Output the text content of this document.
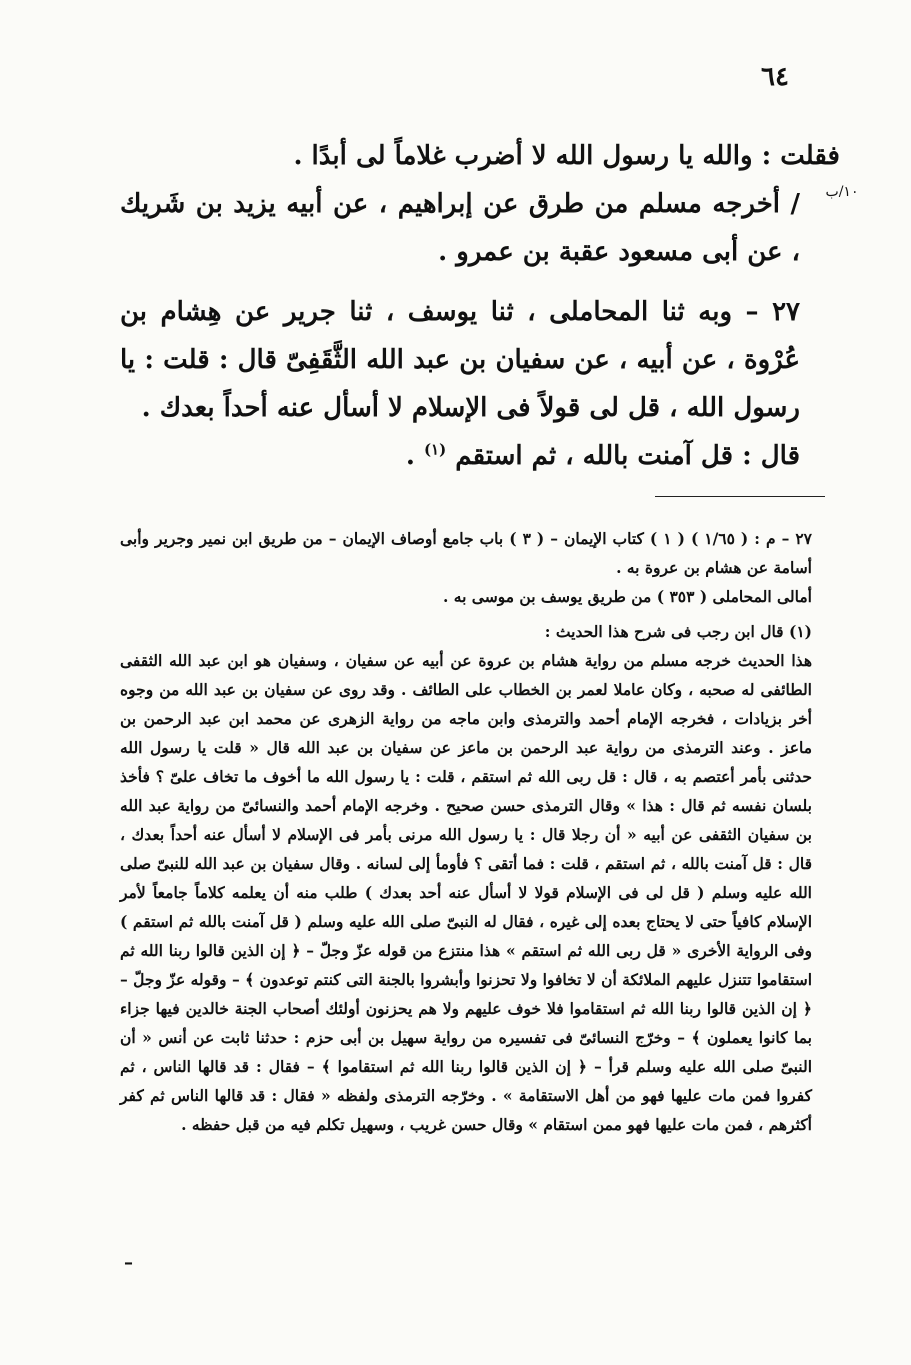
٦٤
١٠/ب

فقلت : والله يا رسول الله لا أضرب غلاماً لى أبدًا .

/ أخرجه مسلم من طرق عن إبراهيم ، عن أبيه يزيد بن شَريك ، عن أبى مسعود عقبة بن عمرو .

٢٧ – وبه ثنا المحاملى ، ثنا يوسف ، ثنا جرير عن هِشام بن عُرْوة ، عن أبيه ، عن سفيان بن عبد الله الثَّقَفِىّ قال : قلت : يا رسول الله ، قل لى قولاً فى الإسلام لا أسأل عنه أحداً بعدك .

قال : قل آمنت بالله ، ثم استقم $^{(١)}$ .

٢٧ – م : ( ١/٦٥ ) ( ١ ) كتاب الإيمان – ( ٣ ) باب جامع أوصاف الإيمان – من طريق ابن نمير وجرير وأبى أسامة عن هشام بن عروة به .

أمالى المحاملى ( ٣٥٣ ) من طريق يوسف بن موسى به .

(١) قال ابن رجب فى شرح هذا الحديث :

هذا الحديث خرجه مسلم من رواية هشام بن عروة عن أبيه عن سفيان ، وسفيان هو ابن عبد الله الثقفى الطائفى له صحبه ، وكان عاملا لعمر بن الخطاب على الطائف . وقد روى عن سفيان بن عبد الله من وجوه أخر بزيادات ، فخرجه الإمام أحمد والترمذى وابن ماجه من رواية الزهرى عن محمد ابن عبد الرحمن بن ماعز . وعند الترمذى من رواية عبد الرحمن بن ماعز عن سفيان بن عبد الله قال « قلت يا رسول الله حدثنى بأمر أعتصم به ، قال : قل ربى الله ثم استقم ، قلت : يا رسول الله ما أخوف ما تخاف علىّ ؟ فأخذ بلسان نفسه ثم قال : هذا » وقال الترمذى حسن صحيح . وخرجه الإمام أحمد والنسائىّ من رواية عبد الله بن سفيان الثقفى عن أبيه « أن رجلا قال : يا رسول الله مرنى بأمر فى الإسلام لا أسأل عنه أحداً بعدك ، قال : قل آمنت بالله ، ثم استقم ، قلت : فما أتقى ؟ فأومأ إلى لسانه . وقال سفيان بن عبد الله للنبىّ صلى الله عليه وسلم ( قل لى فى الإسلام قولا لا أسأل عنه أحد بعدك ) طلب منه أن يعلمه كلاماً جامعاً لأمر الإسلام كافياً حتى لا يحتاج بعده إلى غيره ، فقال له النبىّ صلى الله عليه وسلم ( قل آمنت بالله ثم استقم ) وفى الرواية الأخرى « قل ربى الله ثم استقم » هذا منتزع من قوله عزّ وجلّ – ﴿ إن الذين قالوا ربنا الله ثم استقاموا تتنزل عليهم الملائكة أن لا تخافوا ولا تحزنوا وأبشروا بالجنة التى كنتم توعدون ﴾ – وقوله عزّ وجلّ – ﴿ إن الذين قالوا ربنا الله ثم استقاموا فلا خوف عليهم ولا هم يحزنون أولئك أصحاب الجنة خالدين فيها جزاء بما كانوا يعملون ﴾ – وخرّج النسائىّ فى تفسيره من رواية سهيل بن أبى حزم : حدثنا ثابت عن أنس « أن النبىّ صلى الله عليه وسلم قرأ – ﴿ إن الذين قالوا ربنا الله ثم استقاموا ﴾ – فقال : قد قالها الناس ، ثم كفروا فمن مات عليها فهو من أهل الاستقامة » . وخرّجه الترمذى ولفظه « فقال : قد قالها الناس ثم كفر أكثرهم ، فمن مات عليها فهو ممن استقام » وقال حسن غريب ، وسهيل تكلم فيه من قبل حفظه .

–
